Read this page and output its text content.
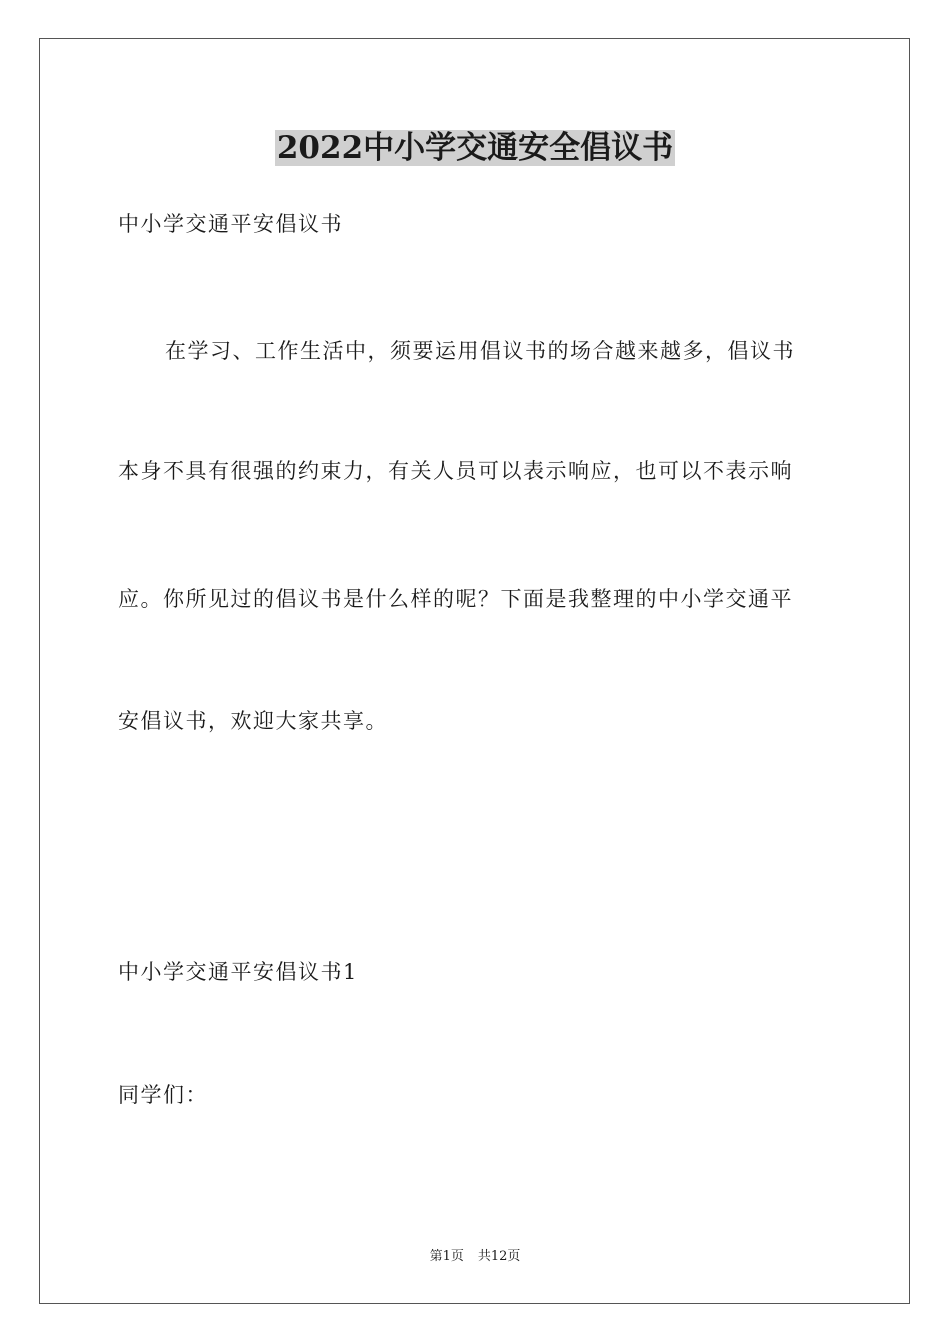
2022中小学交通安全倡议书

中小学交通平安倡议书

在学习、工作生活中，须要运用倡议书的场合越来越多，倡议书

本身不具有很强的约束力，有关人员可以表示响应，也可以不表示响

应。你所见过的倡议书是什么样的呢？下面是我整理的中小学交通平

安倡议书，欢迎大家共享。

中小学交通平安倡议书1

同学们：

第1页 共12页
